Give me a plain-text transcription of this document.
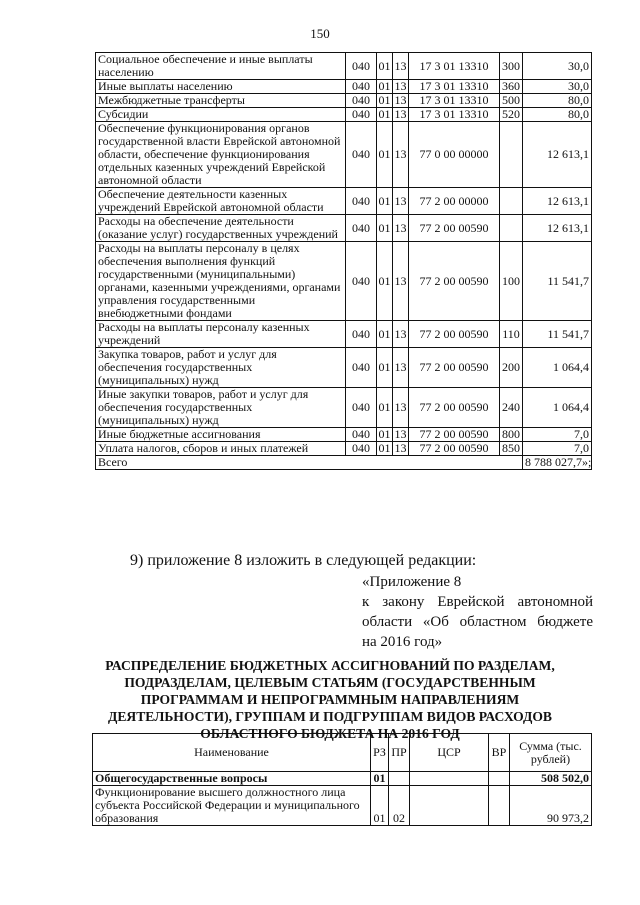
150
Социальное обеспечение и иные выплаты населению	040	01	13	17 3 01 13310	300	30,0
Иные выплаты населению	040	01	13	17 3 01 13310	360	30,0
Межбюджетные трансферты	040	01	13	17 3 01 13310	500	80,0
Субсидии	040	01	13	17 3 01 13310	520	80,0
Обеспечение функционирования органов государственной власти Еврейской автономной области, обеспечение функционирования отдельных казенных учреждений Еврейской автономной области	040	01	13	77 0 00 00000		12 613,1
Обеспечение деятельности казенных учреждений Еврейской автономной области	040	01	13	77 2 00 00000		12 613,1
Расходы на обеспечение деятельности (оказание услуг) государственных учреждений	040	01	13	77 2 00 00590		12 613,1
Расходы на выплаты персоналу в целях обеспечения выполнения функций государственными (муниципальными) органами, казенными учреждениями, органами управления государственными внебюджетными фондами	040	01	13	77 2 00 00590	100	11 541,7
Расходы на выплаты персоналу казенных учреждений	040	01	13	77 2 00 00590	110	11 541,7
Закупка товаров, работ и услуг для обеспечения государственных (муниципальных) нужд	040	01	13	77 2 00 00590	200	1 064,4
Иные закупки товаров, работ и услуг для обеспечения государственных (муниципальных) нужд	040	01	13	77 2 00 00590	240	1 064,4
Иные бюджетные ассигнования	040	01	13	77 2 00 00590	800	7,0
Уплата налогов, сборов и иных платежей	040	01	13	77 2 00 00590	850	7,0
Всего						8 788 027,7»;
9) приложение 8 изложить в следующей редакции:
«Приложение 8
к закону Еврейской автономной
области «Об областном бюджете
на 2016 год»
РАСПРЕДЕЛЕНИЕ БЮДЖЕТНЫХ АССИГНОВАНИЙ ПО РАЗДЕЛАМ, ПОДРАЗДЕЛАМ, ЦЕЛЕВЫМ СТАТЬЯМ (ГОСУДАРСТВЕННЫМ ПРОГРАММАМ И НЕПРОГРАММНЫМ НАПРАВЛЕНИЯМ ДЕЯТЕЛЬНОСТИ), ГРУППАМ И ПОДГРУППАМ ВИДОВ РАСХОДОВ ОБЛАСТНОГО БЮДЖЕТА НА 2016 ГОД
Наименование	РЗ	ПР	ЦСР	ВР	Сумма (тыс. рублей)
Общегосударственные вопросы	01				508 502,0
Функционирование высшего должностного лица субъекта Российской Федерации и муниципального образования	01	02			90 973,2
